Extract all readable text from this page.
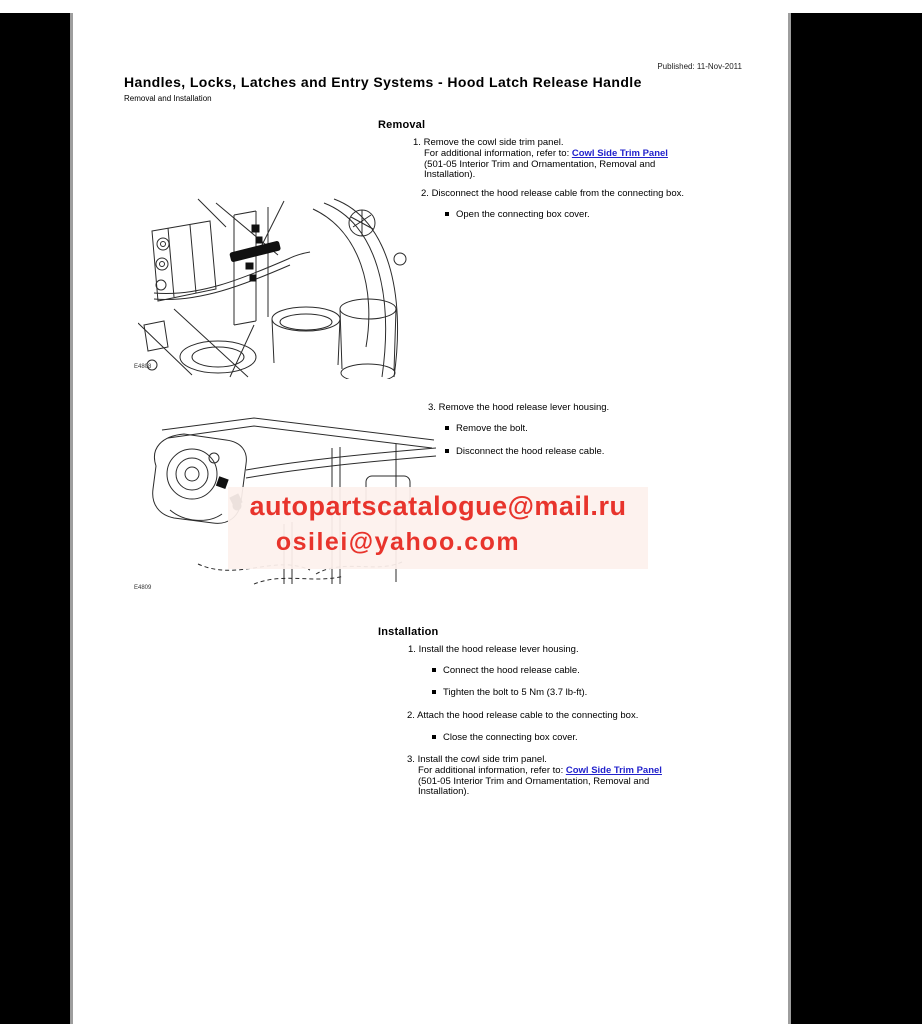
Published: 11-Nov-2011
Handles, Locks, Latches and Entry Systems - Hood Latch Release Handle
Removal and Installation
Removal
1. Remove the cowl side trim panel.
For additional information, refer to: Cowl Side Trim Panel
(501-05 Interior Trim and Ornamentation, Removal and
Installation).
2. Disconnect the hood release cable from the connecting box.
Open the connecting box cover.
E4808
3. Remove the hood release lever housing.
Remove the bolt.
Disconnect the hood release cable.
E4809
autopartscatalogue@mail.ru
osilei@yahoo.com
Installation
1. Install the hood release lever housing.
Connect the hood release cable.
Tighten the bolt to 5 Nm (3.7 lb-ft).
2. Attach the hood release cable to the connecting box.
Close the connecting box cover.
3. Install the cowl side trim panel.
For additional information, refer to: Cowl Side Trim Panel
(501-05 Interior Trim and Ornamentation, Removal and
Installation).
